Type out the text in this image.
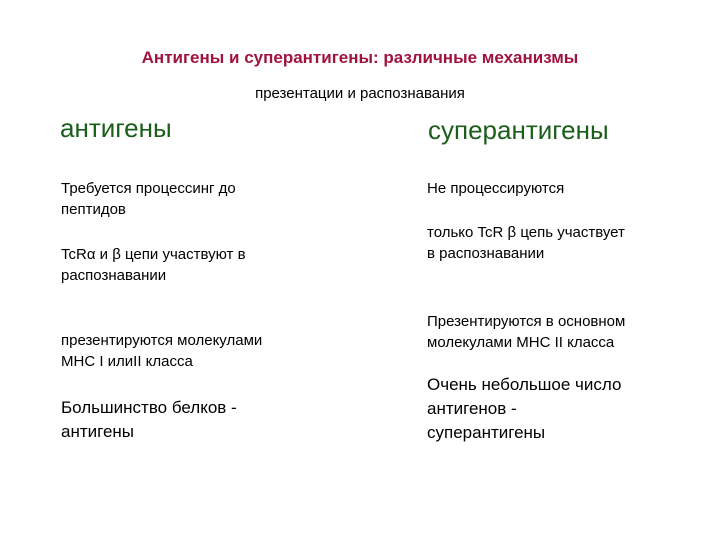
Антигены и суперантигены: различные механизмы
презентации и распознавания
антигены	суперантигены
Требуется процессинг до
пептидов
TcRα и β цепи участвуют в
распознавании
презентируются молекулами
MHC I илиII класса
Большинство белков -
антигены
Не процессируются
только TcR β цепь участвует
в распознавании
Презентируются в основном
молекулами MHC II класса
Очень небольшое число
антигенов -
суперантигены
